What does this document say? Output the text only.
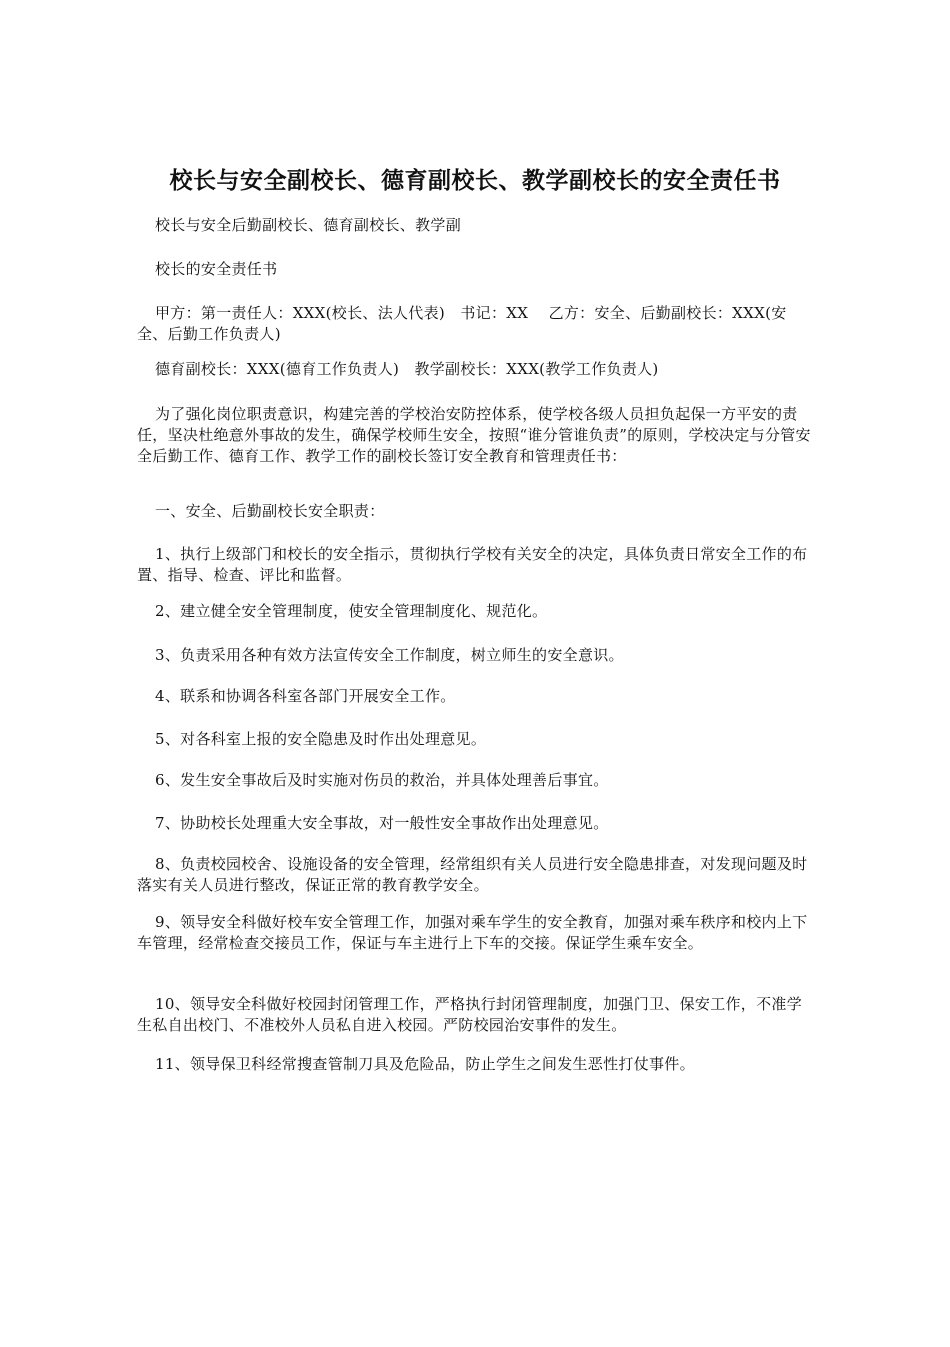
校长与安全副校长、德育副校长、教学副校长的安全责任书

校长与安全后勤副校长、德育副校长、教学副

校长的安全责任书

甲方：第一责任人：XXX(校长、法人代表)　书记：XX　 乙方：安全、后勤副校长：XXX(安全、后勤工作负责人)

德育副校长：XXX(德育工作负责人)　教学副校长：XXX(教学工作负责人)

为了强化岗位职责意识，构建完善的学校治安防控体系，使学校各级人员担负起保一方平安的责任，坚决杜绝意外事故的发生，确保学校师生安全，按照“谁分管谁负责”的原则，学校决定与分管安全后勤工作、德育工作、教学工作的副校长签订安全教育和管理责任书：

一、安全、后勤副校长安全职责：

1、执行上级部门和校长的安全指示，贯彻执行学校有关安全的决定，具体负责日常安全工作的布置、指导、检查、评比和监督。

2、建立健全安全管理制度，使安全管理制度化、规范化。

3、负责采用各种有效方法宣传安全工作制度，树立师生的安全意识。

4、联系和协调各科室各部门开展安全工作。

5、对各科室上报的安全隐患及时作出处理意见。

6、发生安全事故后及时实施对伤员的救治，并具体处理善后事宜。

7、协助校长处理重大安全事故，对一般性安全事故作出处理意见。

8、负责校园校舍、设施设备的安全管理，经常组织有关人员进行安全隐患排查，对发现问题及时落实有关人员进行整改，保证正常的教育教学安全。

9、领导安全科做好校车安全管理工作，加强对乘车学生的安全教育，加强对乘车秩序和校内上下车管理，经常检查交接员工作，保证与车主进行上下车的交接。保证学生乘车安全。

10、领导安全科做好校园封闭管理工作，严格执行封闭管理制度，加强门卫、保安工作，不准学生私自出校门、不准校外人员私自进入校园。严防校园治安事件的发生。

11、领导保卫科经常搜查管制刀具及危险品，防止学生之间发生恶性打仗事件。
